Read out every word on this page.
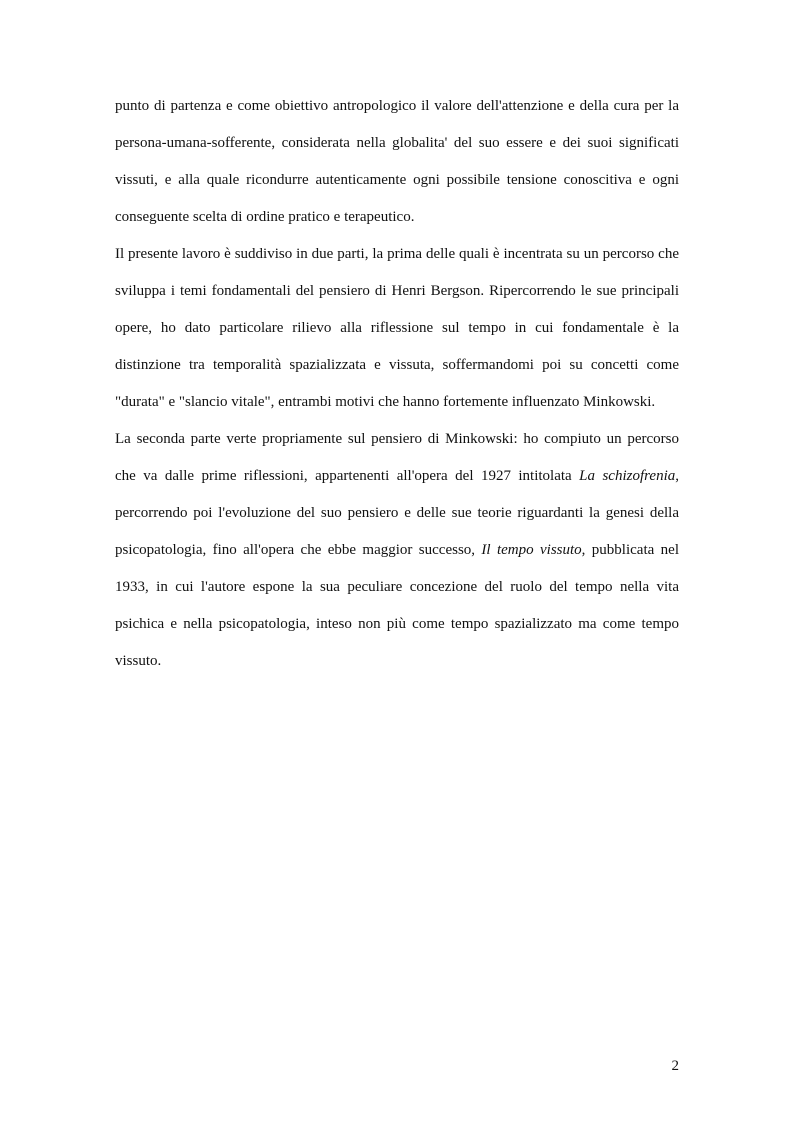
punto di partenza e come obiettivo antropologico il valore dell'attenzione e della cura per la persona-umana-sofferente, considerata nella globalita' del suo essere e dei suoi significati vissuti, e alla quale ricondurre autenticamente ogni possibile tensione conoscitiva e ogni conseguente scelta di ordine pratico e terapeutico.

Il presente lavoro è suddiviso in due parti, la prima delle quali è incentrata su un percorso che sviluppa i temi fondamentali del pensiero di Henri Bergson. Ripercorrendo le sue principali opere, ho dato particolare rilievo alla riflessione sul tempo in cui fondamentale è la distinzione tra temporalità spazializzata e vissuta, soffermandomi poi su concetti come "durata" e "slancio vitale", entrambi motivi che hanno fortemente influenzato Minkowski.

La seconda parte verte propriamente sul pensiero di Minkowski: ho compiuto un percorso che va dalle prime riflessioni, appartenenti all'opera del 1927 intitolata La schizofrenia, percorrendo poi l'evoluzione del suo pensiero e delle sue teorie riguardanti la genesi della psicopatologia, fino all'opera che ebbe maggior successo, Il tempo vissuto, pubblicata nel 1933, in cui l'autore espone la sua peculiare concezione del ruolo del tempo nella vita psichica e nella psicopatologia, inteso non più come tempo spazializzato ma come tempo vissuto.

2
